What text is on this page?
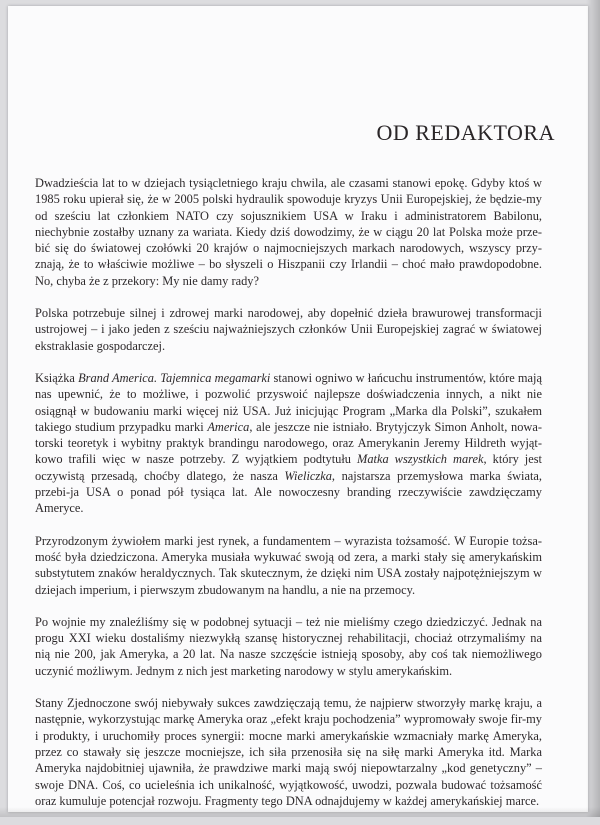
OD REDAKTORA

Dwadzieścia lat to w dziejach tysiącletniego kraju chwila, ale czasami stanowi epokę. Gdyby ktoś w 1985 roku upierał się, że w 2005 polski hydraulik spowoduje kryzys Unii Europejskiej, że będzie-my od sześciu lat członkiem NATO czy sojusznikiem USA w Iraku i administratorem Babilonu, niechybnie zostałby uznany za wariata. Kiedy dziś dowodzimy, że w ciągu 20 lat Polska może prze-bić się do światowej czołówki 20 krajów o najmocniejszych markach narodowych, wszyscy przy-znają, że to właściwie możliwe – bo słyszeli o Hiszpanii czy Irlandii – choć mało prawdopodobne. No, chyba że z przekory: My nie damy rady?

Polska potrzebuje silnej i zdrowej marki narodowej, aby dopełnić dzieła brawurowej transformacji ustrojowej – i jako jeden z sześciu najważniejszych członków Unii Europejskiej zagrać w światowej ekstraklasie gospodarczej.

Książka Brand America. Tajemnica megamarki stanowi ogniwo w łańcuchu instrumentów, które mają nas upewnić, że to możliwe, i pozwolić przyswoić najlepsze doświadczenia innych, a nikt nie osiągnął w budowaniu marki więcej niż USA. Już inicjując Program „Marka dla Polski”, szukałem takiego studium przypadku marki America, ale jeszcze nie istniało. Brytyjczyk Simon Anholt, nowa-torski teoretyk i wybitny praktyk brandingu narodowego, oraz Amerykanin Jeremy Hildreth wyjąt-kowo trafili więc w nasze potrzeby. Z wyjątkiem podtytułu Matka wszystkich marek, który jest oczywistą przesadą, choćby dlatego, że nasza Wieliczka, najstarsza przemysłowa marka świata, przebi-ja USA o ponad pół tysiąca lat. Ale nowoczesny branding rzeczywiście zawdzięczamy Ameryce.

Przyrodzonym żywiołem marki jest rynek, a fundamentem – wyrazista tożsamość. W Europie tożsa-mość była dziedziczona. Ameryka musiała wykuwać swoją od zera, a marki stały się amerykańskim substytutem znaków heraldycznych. Tak skutecznym, że dzięki nim USA zostały najpotężniejszym w dziejach imperium, i pierwszym zbudowanym na handlu, a nie na przemocy.

Po wojnie my znaleźliśmy się w podobnej sytuacji – też nie mieliśmy czego dziedziczyć. Jednak na progu XXI wieku dostaliśmy niezwykłą szansę historycznej rehabilitacji, chociaż otrzymaliśmy na nią nie 200, jak Ameryka, a 20 lat. Na nasze szczęście istnieją sposoby, aby coś tak niemożliwego uczynić możliwym. Jednym z nich jest marketing narodowy w stylu amerykańskim.

Stany Zjednoczone swój niebywały sukces zawdzięczają temu, że najpierw stworzyły markę kraju, a następnie, wykorzystując markę Ameryka oraz „efekt kraju pochodzenia” wypromowały swoje fir-my i produkty, i uruchomiły proces synergii: mocne marki amerykańskie wzmacniały markę Ameryka, przez co stawały się jeszcze mocniejsze, ich siła przenosiła się na siłę marki Ameryka itd. Marka Ameryka najdobitniej ujawniła, że prawdziwe marki mają swój niepowtarzalny „kod genetyczny” – swoje DNA. Coś, co ucieleśnia ich unikalność, wyjątkowość, uwodzi, pozwala budować tożsamość oraz kumuluje potencjał rozwoju. Fragmenty tego DNA odnajdujemy w każdej amerykańskiej marce.
